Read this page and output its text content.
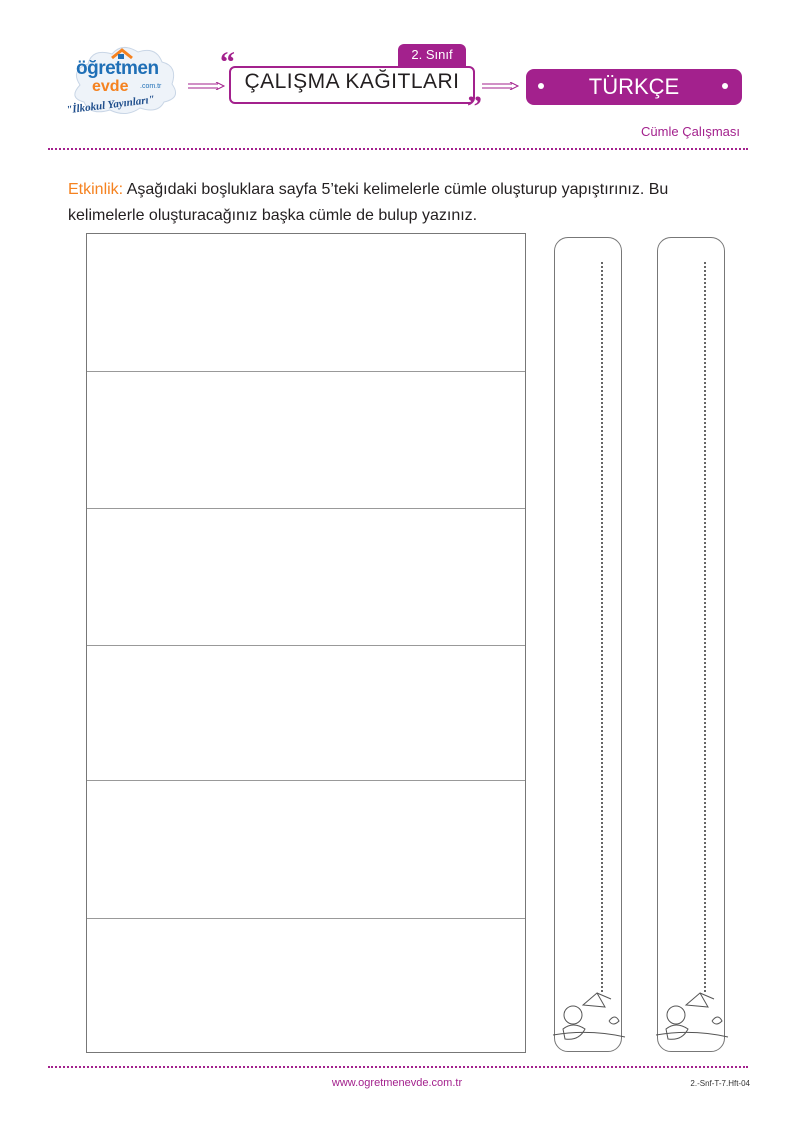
öğretmen
evde .com.tr
"İlkokul Yayınları"
2. Sınıf
“
ÇALIŞMA KAĞITLARI
”
TÜRKÇE
Cümle Çalışması
Etkinlik: Aşağıdaki boşluklara sayfa 5’teki kelimelerle cümle oluşturup yapıştırınız. Bu kelimelerle oluşturacağınız başka cümle de bulup yazınız.
www.ogretmenevde.com.tr	2.-Snf-T-7.Hft-04
